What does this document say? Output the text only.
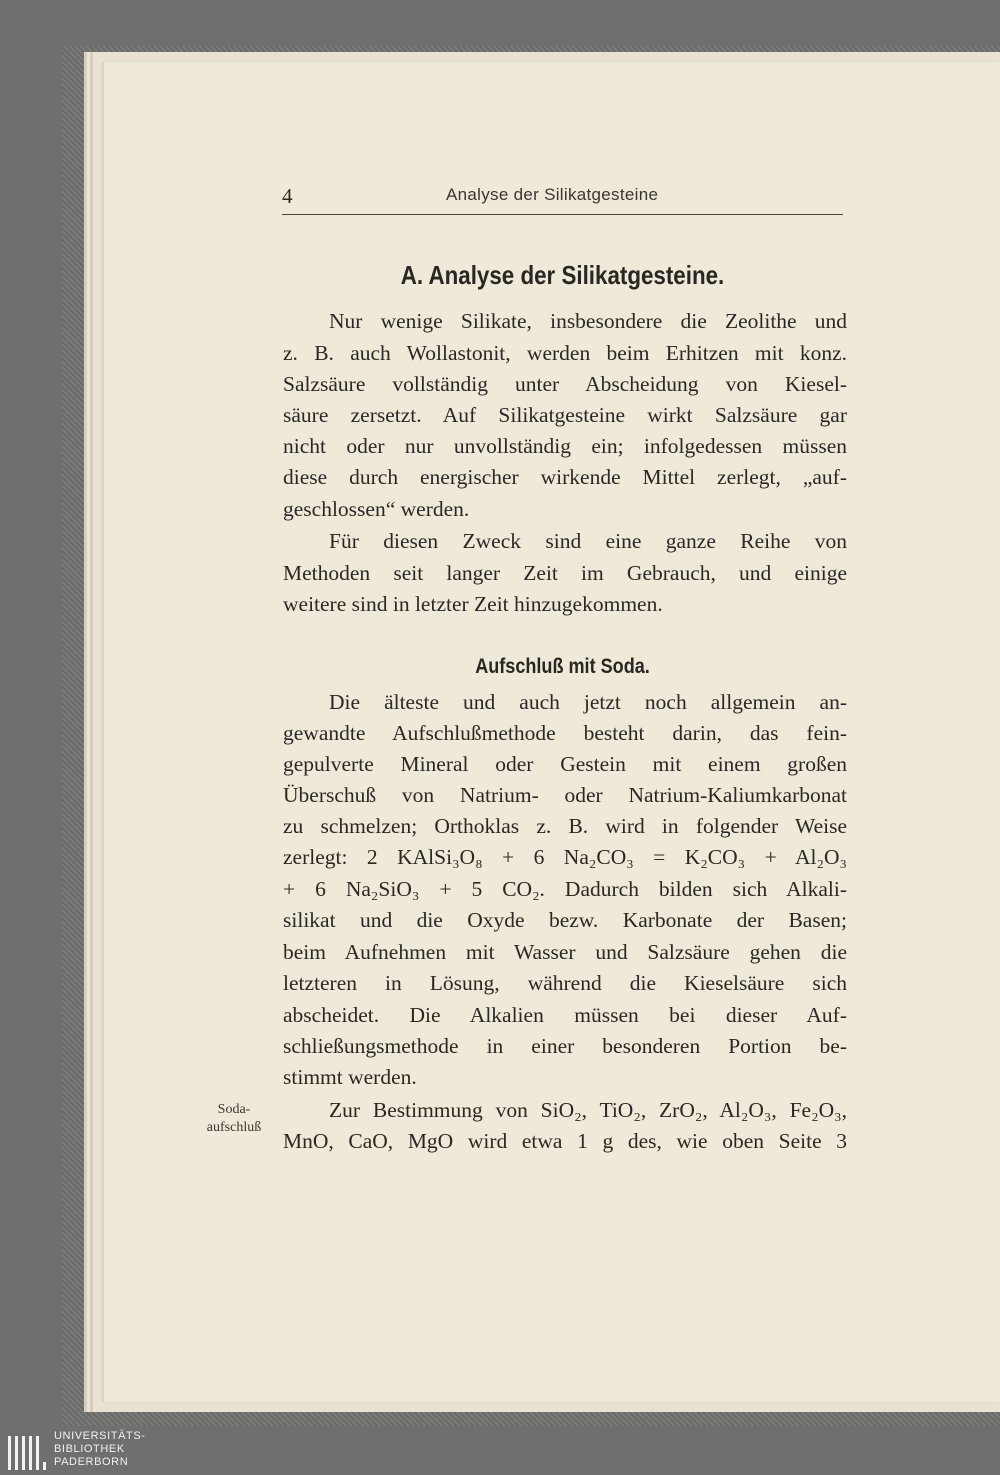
4	Analyse der Silikatgesteine
A. Analyse der Silikatgesteine.
Nur wenige Silikate, insbesondere die Zeolithe und
z. B. auch Wollastonit, werden beim Erhitzen mit konz.
Salzsäure vollständig unter Abscheidung von Kiesel-
säure zersetzt. Auf Silikatgesteine wirkt Salzsäure gar
nicht oder nur unvollständig ein; infolgedessen müssen
diese durch energischer wirkende Mittel zerlegt, „auf-
geschlossen“ werden.
Für diesen Zweck sind eine ganze Reihe von
Methoden seit langer Zeit im Gebrauch, und einige
weitere sind in letzter Zeit hinzugekommen.
Aufschluß mit Soda.
Die älteste und auch jetzt noch allgemein an-
gewandte Aufschlußmethode besteht darin, das fein-
gepulverte Mineral oder Gestein mit einem großen
Überschuß von Natrium- oder Natrium-Kaliumkarbonat
zu schmelzen; Orthoklas z. B. wird in folgender Weise
zerlegt: 2 KAlSi₃O₈ + 6 Na₂CO₃ = K₂CO₃ + Al₂O₃
+ 6 Na₂SiO₃ + 5 CO₂. Dadurch bilden sich Alkali-
silikat und die Oxyde bezw. Karbonate der Basen;
beim Aufnehmen mit Wasser und Salzsäure gehen die
letzteren in Lösung, während die Kieselsäure sich
abscheidet. Die Alkalien müssen bei dieser Auf-
schließungsmethode in einer besonderen Portion be-
stimmt werden.
Soda-
aufschluß
Zur Bestimmung von SiO₂, TiO₂, ZrO₂, Al₂O₃, Fe₂O₃,
MnO, CaO, MgO wird etwa 1 g des, wie oben Seite 3
UNIVERSITÄTS-
BIBLIOTHEK
PADERBORN
